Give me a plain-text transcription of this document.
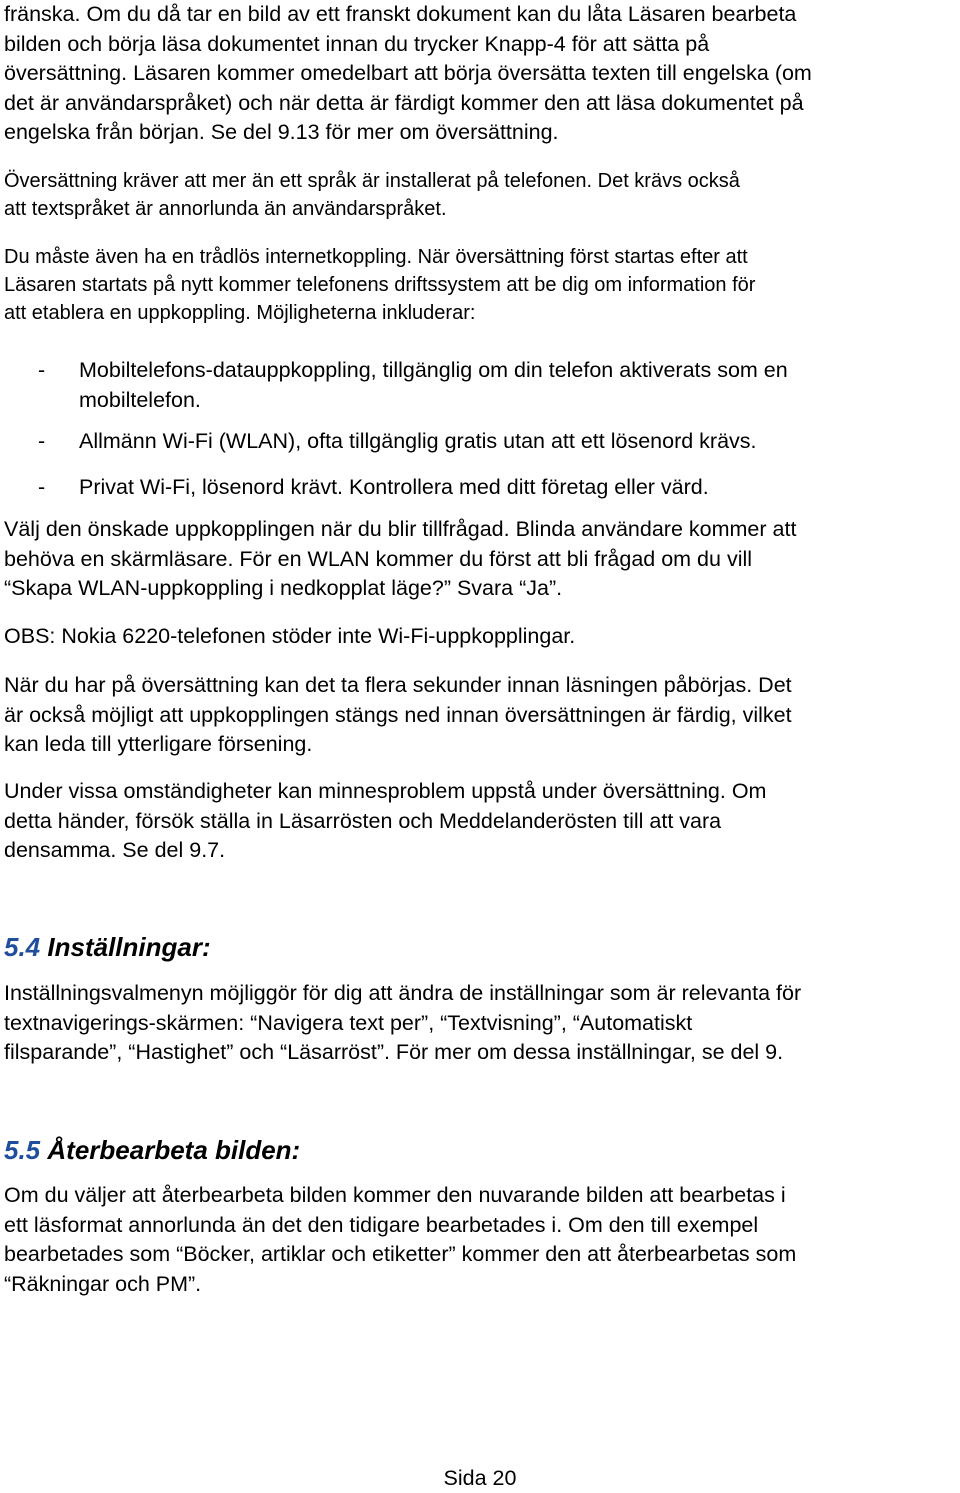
fränska. Om du då tar en bild av ett franskt dokument kan du låta Läsaren bearbeta
bilden och börja läsa dokumentet innan du trycker Knapp-4 för att sätta på
översättning. Läsaren kommer omedelbart att börja översätta texten till engelska (om
det är användarspråket) och när detta är färdigt kommer den att läsa dokumentet på
engelska från början. Se del 9.13 för mer om översättning.

Översättning kräver att mer än ett språk är installerat på telefonen. Det krävs också
att textspråket är annorlunda än användarspråket.

Du måste även ha en trådlös internetkoppling. När översättning först startas efter att
Läsaren startats på nytt kommer telefonens driftssystem att be dig om information för
att etablera en uppkoppling. Möjligheterna inkluderar:

- Mobiltelefons-datauppkoppling, tillgänglig om din telefon aktiverats som en
mobiltelefon.
- Allmänn Wi-Fi (WLAN), ofta tillgänglig gratis utan att ett lösenord krävs.
- Privat Wi-Fi, lösenord krävt. Kontrollera med ditt företag eller värd.

Välj den önskade uppkopplingen när du blir tillfrågad. Blinda användare kommer att
behöva en skärmläsare. För en WLAN kommer du först att bli frågad om du vill
“Skapa WLAN-uppkoppling i nedkopplat läge?” Svara “Ja”.

OBS: Nokia 6220-telefonen stöder inte Wi-Fi-uppkopplingar.

När du har på översättning kan det ta flera sekunder innan läsningen påbörjas. Det
är också möjligt att uppkopplingen stängs ned innan översättningen är färdig, vilket
kan leda till ytterligare försening.

Under vissa omständigheter kan minnesproblem uppstå under översättning. Om
detta händer, försök ställa in Läsarrösten och Meddelanderösten till att vara
densamma. Se del 9.7.

5.4 Inställningar:

Inställningsvalmenyn möjliggör för dig att ändra de inställningar som är relevanta för
textnavigerings-skärmen: “Navigera text per”, “Textvisning”, “Automatiskt
filsparande”, “Hastighet” och “Läsarröst”. För mer om dessa inställningar, se del 9.

5.5 Återbearbeta bilden:

Om du väljer att återbearbeta bilden kommer den nuvarande bilden att bearbetas i
ett läsformat annorlunda än det den tidigare bearbetades i. Om den till exempel
bearbetades som “Böcker, artiklar och etiketter” kommer den att återbearbetas som
“Räkningar och PM”.

Sida 20
